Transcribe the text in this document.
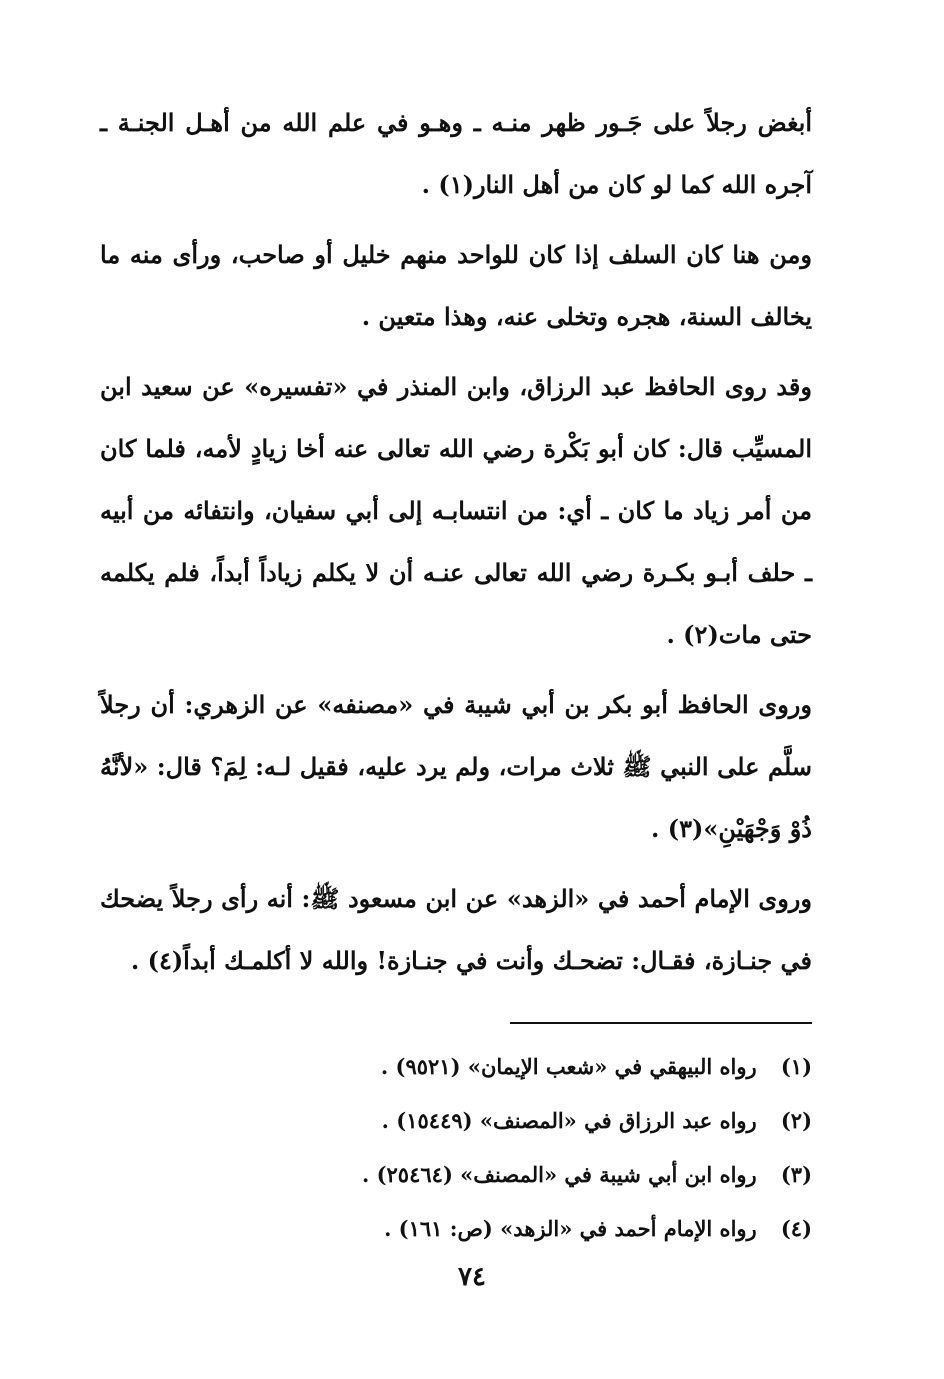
أبغض رجلاً على جَـور ظهر منـه ـ وهـو في علم الله من أهـل الجنـة ـ آجره الله كما لو كان من أهل النار(١) .

ومن هنا كان السلف إذا كان للواحد منهم خليل أو صاحب، ورأى منه ما يخالف السنة، هجره وتخلى عنه، وهذا متعين .

وقد روى الحافظ عبد الرزاق، وابن المنذر في «تفسيره» عن سعيد ابن المسيِّب قال: كان أبو بَكْرة رضي الله تعالى عنه أخا زيادٍ لأمه، فلما كان من أمر زياد ما كان ـ أي: من انتسابـه إلى أبي سفيان، وانتفائه من أبيه ـ حلف أبـو بكـرة رضي الله تعالى عنـه أن لا يكلم زياداً أبداً، فلم يكلمه حتى مات(٢) .

وروى الحافظ أبو بكر بن أبي شيبة في «مصنفه» عن الزهري: أن رجلاً سلَّم على النبي ﷺ ثلاث مرات، ولم يرد عليه، فقيل لـه: لِمَ؟ قال: «لأنَّهُ ذُوْ وَجْهَيْنِ»(٣) .

وروى الإمام أحمد في «الزهد» عن ابن مسعود ﷺ: أنه رأى رجلاً يضحك في جنـازة، فقـال: تضحـك وأنت في جنـازة! والله لا أكلمـك أبداً(٤) .

(١) رواه البيهقي في «شعب الإيمان» (٩٥٢١) .
(٢) رواه عبد الرزاق في «المصنف» (١٥٤٤٩) .
(٣) رواه ابن أبي شيبة في «المصنف» (٢٥٤٦٤) .
(٤) رواه الإمام أحمد في «الزهد» (ص: ١٦١) .
٧٤
